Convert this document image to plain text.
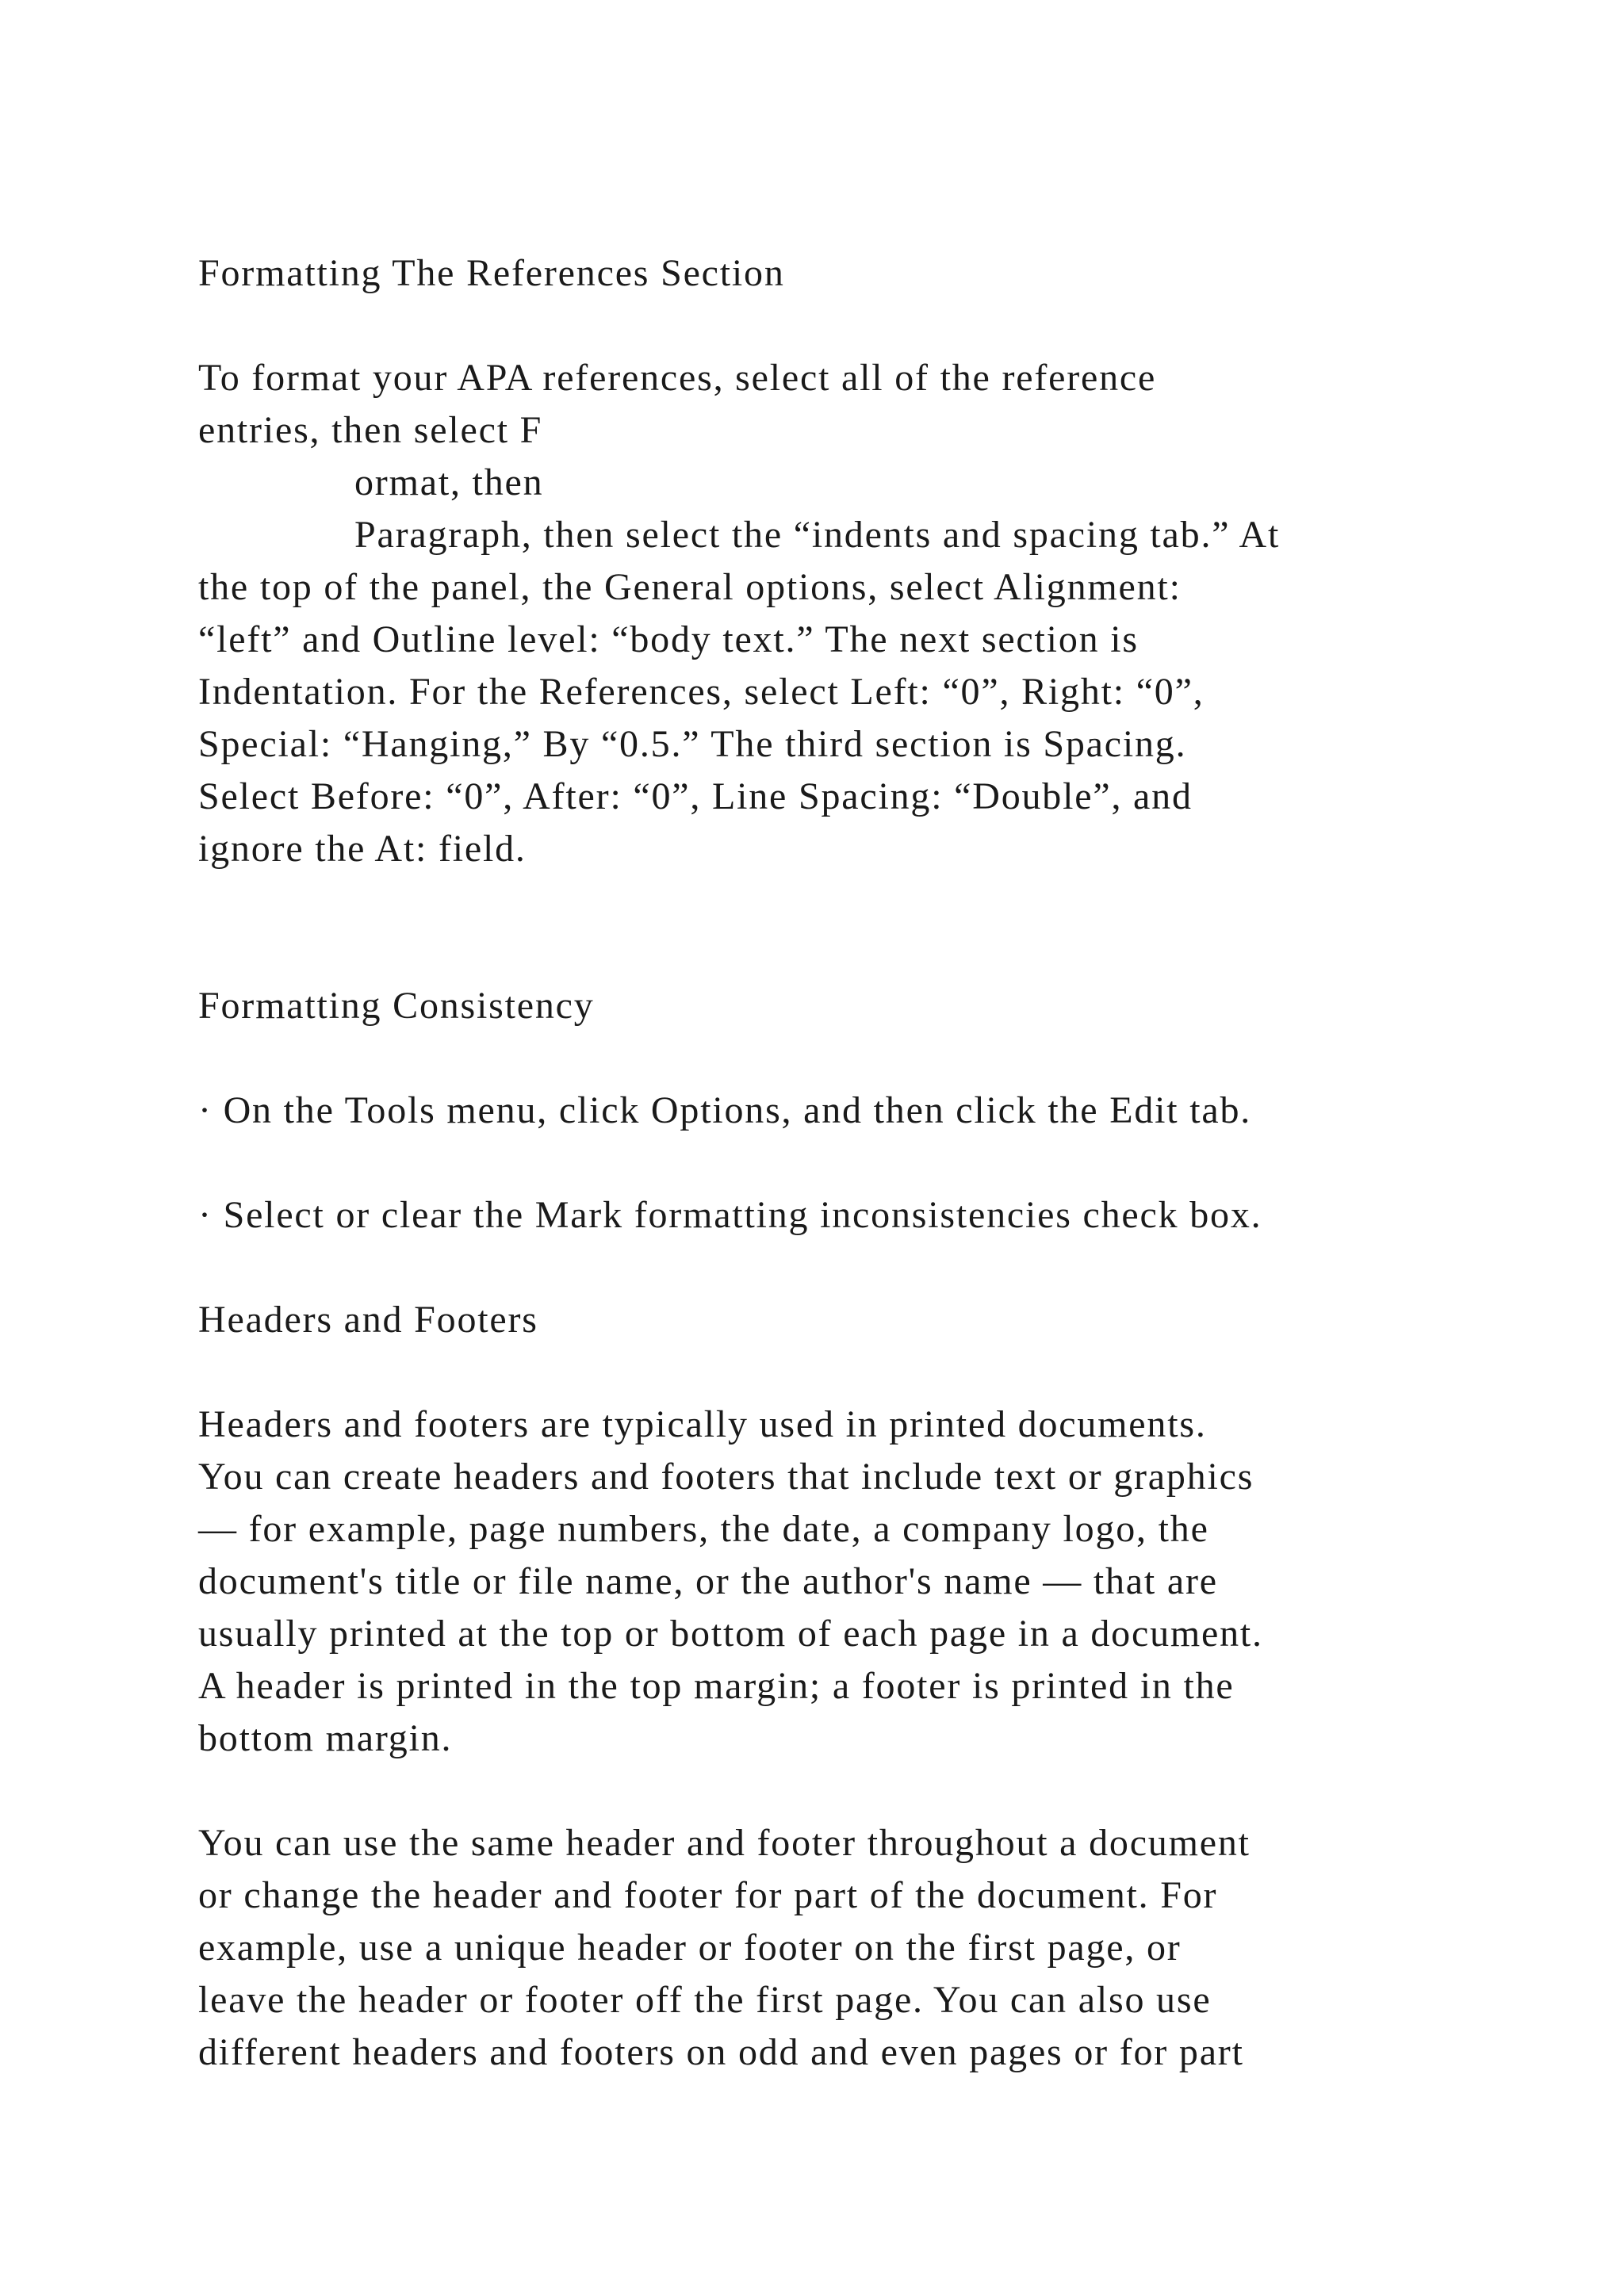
Formatting The References Section
To format your APA references, select all of the reference
entries, then select F
ormat, then
Paragraph, then select the “indents and spacing tab.” At
the top of the panel, the General options, select Alignment:
“left” and Outline level: “body text.” The next section is
Indentation. For the References, select Left: “0”, Right: “0”,
Special: “Hanging,” By “0.5.” The third section is Spacing.
Select Before: “0”, After: “0”, Line Spacing: “Double”, and
ignore the At: field.
Formatting Consistency
· On the Tools menu, click Options, and then click the Edit tab.
· Select or clear the Mark formatting inconsistencies check box.
Headers and Footers
Headers and footers are typically used in printed documents.
You can create headers and footers that include text or graphics
— for example, page numbers, the date, a company logo, the
document's title or file name, or the author's name — that are
usually printed at the top or bottom of each page in a document.
A header is printed in the top margin; a footer is printed in the
bottom margin.
You can use the same header and footer throughout a document
or change the header and footer for part of the document. For
example, use a unique header or footer on the first page, or
leave the header or footer off the first page. You can also use
different headers and footers on odd and even pages or for part
